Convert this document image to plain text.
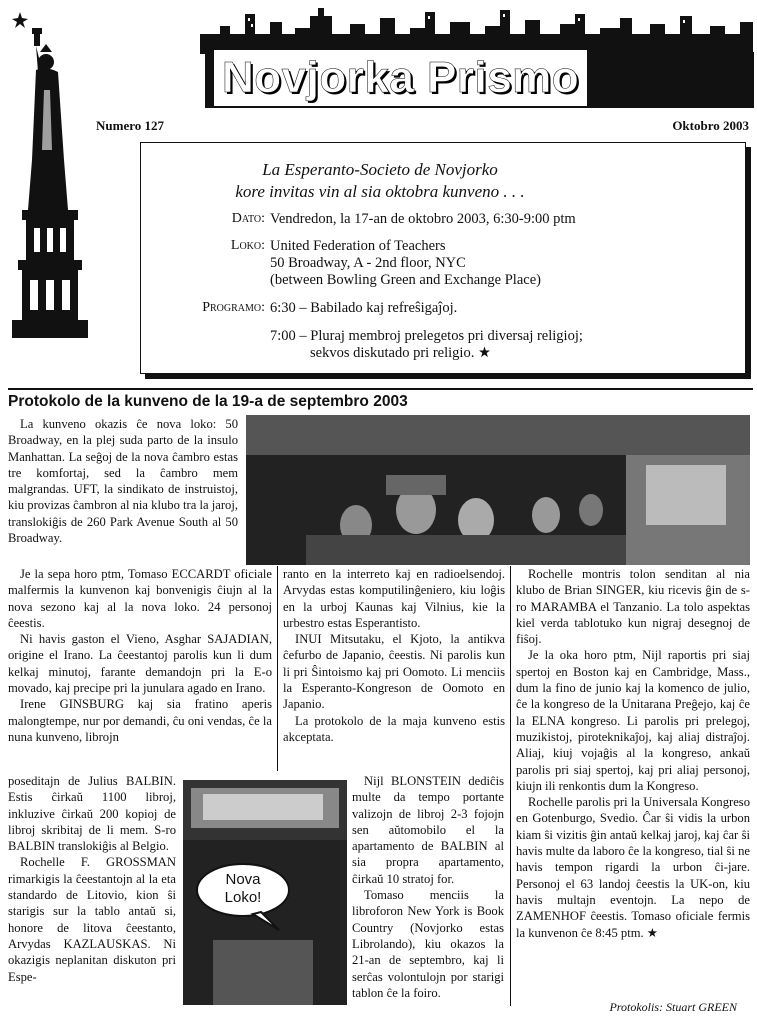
Novjorka Prismo
Numero 127	Oktobro 2003
La Esperanto-Societo de Novjorko
kore invitas vin al sia oktobra kunveno . . .
Dato: Vendredon, la 17-an de oktobro 2003, 6:30-9:00 ptm
Loko: United Federation of Teachers
50 Broadway, A - 2nd floor, NYC
(between Bowling Green and Exchange Place)
Programo: 6:30 – Babilado kaj refreŝigaĵoj.
7:00 – Pluraj membroj prelegetos pri diversaj religioj;
sekvos diskutado pri religio. ★
Protokolo de la kunveno de la 19-a de septembro 2003

La kunveno okazis ĉe nova loko: 50 Broadway, en la plej suda parto de la insulo Manhattan. La seĝoj de la nova ĉambro estas tre komfortaj, sed la ĉambro mem malgrandas. UFT, la sindikato de instruistoj, kiu provizas ĉambron al nia klubo tra la jaroj, translokiĝis de 260 Park Avenue South al 50 Broadway.

Je la sepa horo ptm, Tomaso ECCARDT oficiale malfermis la kunvenon kaj bonvenigis ĉiujn al la nova sezono kaj al la nova loko. 24 personoj ĉeestis.

Ni havis gaston el Vieno, Asghar SAJADIAN, origine el Irano. La ĉeestantoj parolis kun li dum kelkaj minutoj, farante demandojn pri la E-o movado, kaj precipe pri la junulara agado en Irano.

Irene GINSBURG kaj sia fratino aperis malongtempe, nur por demandi, ĉu oni vendas, ĉe la nuna kunveno, librojn

poseditajn de Julius BALBIN. Estis ĉirkaŭ 1100 libroj, inkluzive ĉirkaŭ 200 kopioj de libroj skribitaj de li mem. S-ro BALBIN translokiĝis al Belgio.

Rochelle F. GROSSMAN rimarkigis la ĉeestantojn al la eta standardo de Litovio, kion ŝi starigis sur la tablo antaŭ si, honore de litova ĉeestanto, Arvydas KAZLAUSKAS. Ni okazigis neplanitan diskuton pri Espe-

ranto en la interreto kaj en radioelsendoj. Arvydas estas komputilinĝeniero, kiu loĝis en la urboj Kaunas kaj Vilnius, kie la urbestro estas Esperantisto.

INUI Mitsutaku, el Kjoto, la antikva ĉefurbo de Japanio, ĉeestis. Ni parolis kun li pri Ŝintoismo kaj pri Oomoto. Li menciis la Esperanto-Kongreson de Oomoto en Japanio.

La protokolo de la maja kunveno estis akceptata.

Nova
Loko!

Nijl BLONSTEIN dediĉis multe da tempo portante valizojn de libroj 2-3 fojojn sen aŭtomobilo el la apartamento de BALBIN al sia propra apartamento, ĉirkaŭ 10 stratoj for.

Tomaso menciis la libroforon New York is Book Country (Novjorko estas Librolando), kiu okazos la 21-an de septembro, kaj li serĉas volontulojn por starigi tablon ĉe la foiro.

Rochelle montris tolon senditan al nia klubo de Brian SINGER, kiu ricevis ĝin de s-ro MARAMBA el Tanzanio. La tolo aspektas kiel verda tablotuko kun nigraj desegnoj de fiŝoj.

Je la oka horo ptm, Nijl raportis pri siaj spertoj en Boston kaj en Cambridge, Mass., dum la fino de junio kaj la komenco de julio, ĉe la kongreso de la Unitarana Preĝejo, kaj ĉe la ELNA kongreso. Li parolis pri prelegoj, muzikistoj, piroteknikaĵoj, kaj aliaj distraĵoj. Aliaj, kiuj vojaĝis al la kongreso, ankaŭ parolis pri siaj spertoj, kaj pri aliaj personoj, kiujn ili renkontis dum la Kongreso.

Rochelle parolis pri la Universala Kongreso en Gotenburgo, Svedio. Ĉar ŝi vidis la urbon kiam ŝi vizitis ĝin antaŭ kelkaj jaroj, kaj ĉar ŝi havis multe da laboro ĉe la kongreso, tial ŝi ne havis tempon rigardi la urbon ĉi-jare. Personoj el 63 landoj ĉeestis la UK-on, kiu havis multajn eventojn. La nepo de ZAMENHOF ĉeestis. Tomaso oficiale fermis la kunvenon ĉe 8:45 ptm. ★

Protokolis: Stuart GREEN
